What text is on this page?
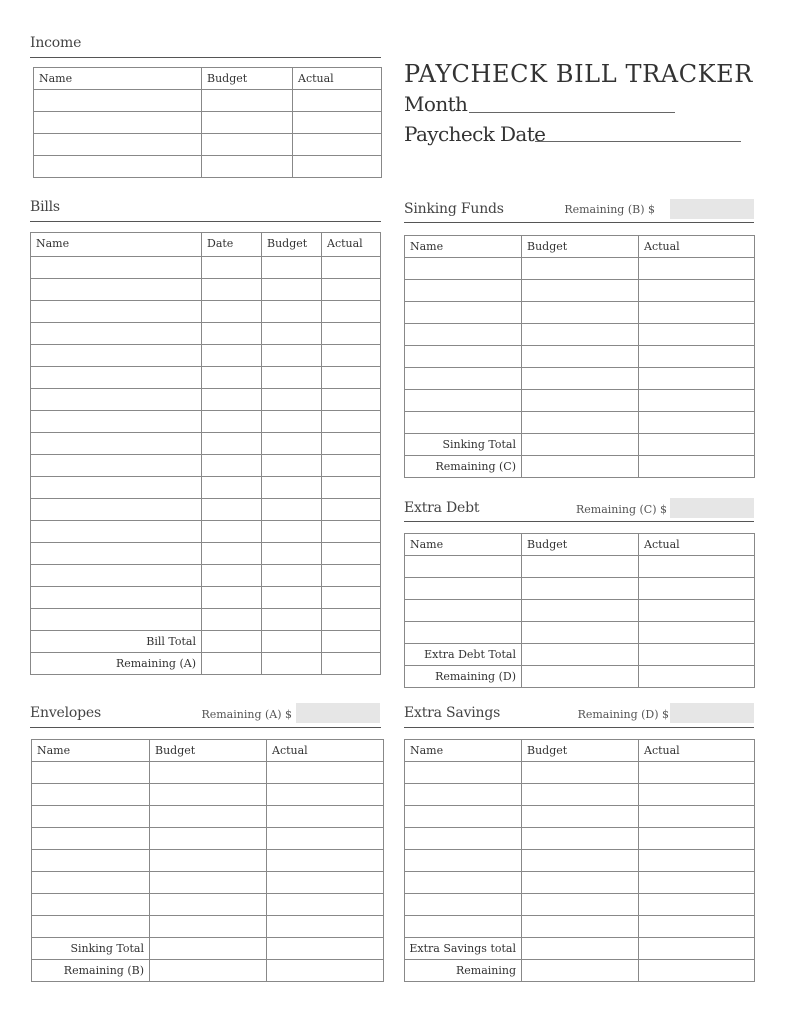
Income
Name	Budget	Actual

			PAYCHECK BILL TRACKER
Month
Paycheck Date
Bills
Name	Date	Budget	Actual

Bill Total			
Remaining (A)			
Sinking Funds	Remaining (B) $
Name	Budget	Actual

Sinking Total		
Remaining (C)		
Extra Debt	Remaining (C) $
Name	Budget	Actual

Extra Debt Total		
Remaining (D)		
Envelopes	Remaining (A) $
Name	Budget	Actual

Sinking Total		
Remaining (B)		
Extra Savings	Remaining (D) $
Name	Budget	Actual

Extra Savings total		
Remaining		
